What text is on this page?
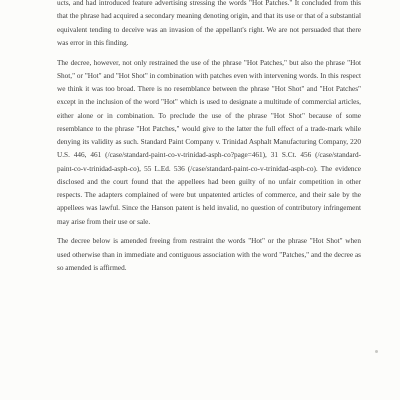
ucts, and had introduced feature advertising stressing the words "Hot Patches." It concluded from this that the phrase had acquired a secondary meaning denoting origin, and that its use or that of a substantial equivalent tending to deceive was an invasion of the appellant's right. We are not persuaded that there was error in this finding.

The decree, however, not only restrained the use of the phrase "Hot Patches," but also the phrase "Hot Shot," or "Hot" and "Hot Shot" in combination with patches even with intervening words. In this respect we think it was too broad. There is no resemblance between the phrase "Hot Shot" and "Hot Patches" except in the inclusion of the word "Hot" which is used to designate a multitude of commercial articles, either alone or in combination. To preclude the use of the phrase "Hot Shot" because of some resemblance to the phrase "Hot Patches," would give to the latter the full effect of a trade-mark while denying its validity as such. Standard Paint Company v. Trinidad Asphalt Manufacturing Company, 220 U.S. 446, 461 (/case/standard-paint-co-v-trinidad-asph-co?page=461), 31 S.Ct. 456 (/case/standard-paint-co-v-trinidad-asph-co), 55 L.Ed. 536 (/case/standard-paint-co-v-trinidad-asph-co). The evidence disclosed and the court found that the appellees had been guilty of no unfair competition in other respects. The adapters complained of were but unpatented articles of commerce, and their sale by the appellees was lawful. Since the Hanson patent is held invalid, no question of contributory infringement may arise from their use or sale.

The decree below is amended freeing from restraint the words "Hot" or the phrase "Hot Shot" when used otherwise than in immediate and contiguous association with the word "Patches," and the decree as so amended is affirmed.
